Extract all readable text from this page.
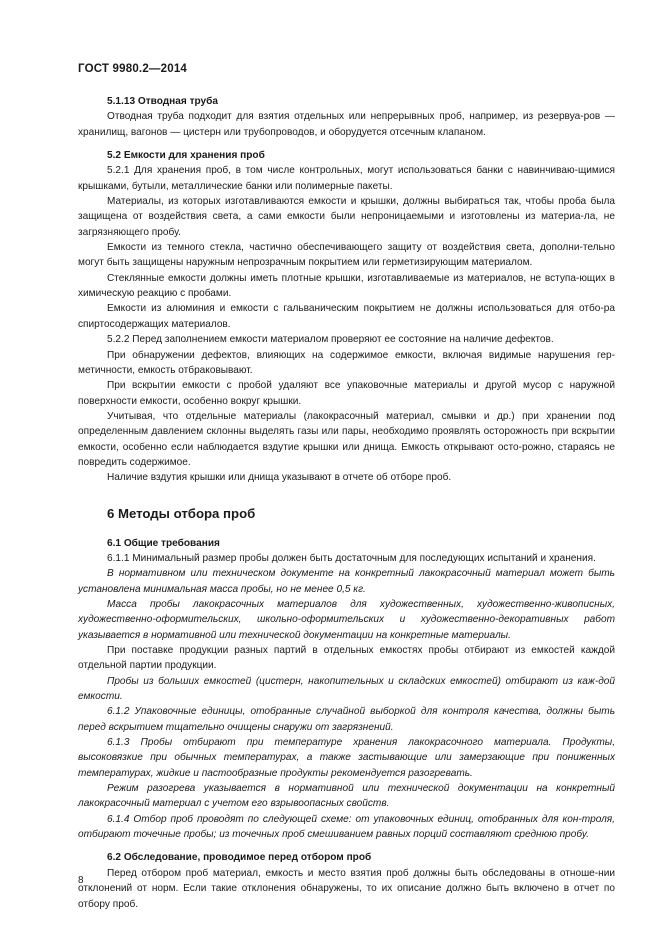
ГОСТ 9980.2—2014
5.1.13 Отводная труба

Отводная труба подходит для взятия отдельных или непрерывных проб, например, из резервуа-ров — хранилищ, вагонов — цистерн или трубопроводов, и оборудуется отсечным клапаном.

5.2 Емкости для хранения проб

5.2.1 Для хранения проб, в том числе контрольных, могут использоваться банки с навинчиваю-щимися крышками, бутыли, металлические банки или полимерные пакеты.

Материалы, из которых изготавливаются емкости и крышки, должны выбираться так, чтобы проба была защищена от воздействия света, а сами емкости были непроницаемыми и изготовлены из материа-ла, не загрязняющего пробу.

Емкости из темного стекла, частично обеспечивающего защиту от воздействия света, дополни-тельно могут быть защищены наружным непрозрачным покрытием или герметизирующим материалом.

Стеклянные емкости должны иметь плотные крышки, изготавливаемые из материалов, не вступа-ющих в химическую реакцию с пробами.

Емкости из алюминия и емкости с гальваническим покрытием не должны использоваться для отбо-ра спиртосодержащих материалов.

5.2.2 Перед заполнением емкости материалом проверяют ее состояние на наличие дефектов.

При обнаружении дефектов, влияющих на содержимое емкости, включая видимые нарушения гер-метичности, емкость отбраковывают.

При вскрытии емкости с пробой удаляют все упаковочные материалы и другой мусор с наружной поверхности емкости, особенно вокруг крышки.

Учитывая, что отдельные материалы (лакокрасочный материал, смывки и др.) при хранении под определенным давлением склонны выделять газы или пары, необходимо проявлять осторожность при вскрытии емкости, особенно если наблюдается вздутие крышки или днища. Емкость открывают осто-рожно, стараясь не повредить содержимое.

Наличие вздутия крышки или днища указывают в отчете об отборе проб.

6 Методы отбора проб
6.1 Общие требования

6.1.1 Минимальный размер пробы должен быть достаточным для последующих испытаний и хранения.

В нормативном или техническом документе на конкретный лакокрасочный материал может быть установлена минимальная масса пробы, но не менее 0,5 кг.

Масса пробы лакокрасочных материалов для художественных, художественно-живописных, художественно-оформительских, школьно-оформительских и художественно-декоративных работ указывается в нормативной или технической документации на конкретные материалы.

При поставке продукции разных партий в отдельных емкостях пробы отбирают из емкостей каждой отдельной партии продукции.

Пробы из больших емкостей (цистерн, накопительных и складских емкостей) отбирают из каж-дой емкости.

6.1.2 Упаковочные единицы, отобранные случайной выборкой для контроля качества, должны быть перед вскрытием тщательно очищены снаружи от загрязнений.

6.1.3 Пробы отбирают при температуре хранения лакокрасочного материала. Продукты, высоковязкие при обычных температурах, а также застывающие или замерзающие при пониженных температурах, жидкие и пастообразные продукты рекомендуется разогревать.

Режим разогрева указывается в нормативной или технической документации на конкретный лакокрасочный материал с учетом его взрывоопасных свойств.

6.1.4 Отбор проб проводят по следующей схеме: от упаковочных единиц, отобранных для кон-троля, отбирают точечные пробы; из точечных проб смешиванием равных порций составляют среднюю пробу.

6.2 Обследование, проводимое перед отбором проб

Перед отбором проб материал, емкость и место взятия проб должны быть обследованы в отноше-нии отклонений от норм. Если такие отклонения обнаружены, то их описание должно быть включено в отчет по отбору проб.

8
